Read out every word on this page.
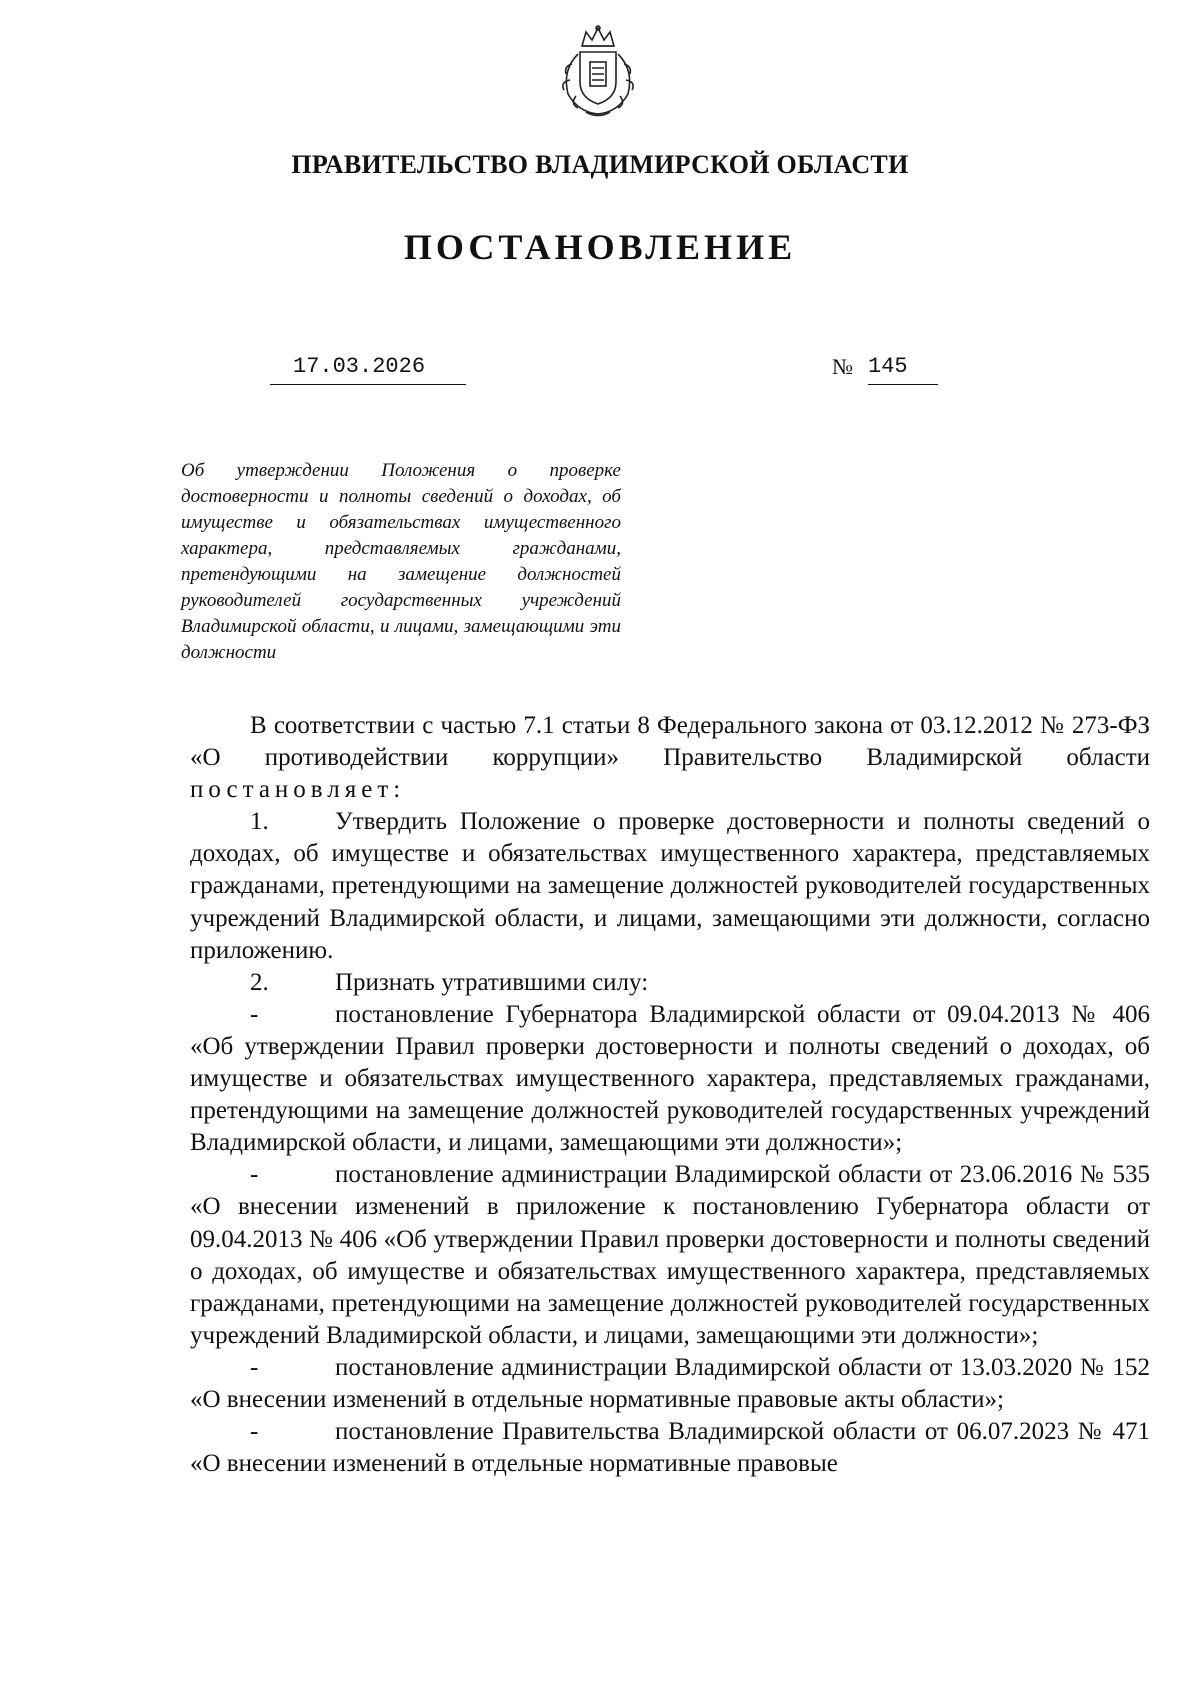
ПРАВИТЕЛЬСТВО ВЛАДИМИРСКОЙ ОБЛАСТИ
ПОСТАНОВЛЕНИЕ
17.03.2026	№ 145
Об утверждении Положения о проверке достоверности и полноты сведений о доходах, об имуществе и обязательствах имущественного характера, представляемых гражданами, претендующими на замещение должностей руководителей государственных учреждений Владимирской области, и лицами, замещающими эти должности

В соответствии с частью 7.1 статьи 8 Федерального закона от 03.12.2012 № 273-ФЗ «О противодействии коррупции» Правительство Владимирской области постановляет:

1.	Утвердить Положение о проверке достоверности и полноты сведений о доходах, об имуществе и обязательствах имущественного характера, представляемых гражданами, претендующими на замещение должностей руководителей государственных учреждений Владимирской области, и лицами, замещающими эти должности, согласно приложению.

2.	Признать утратившими силу:

-	постановление Губернатора Владимирской области от 09.04.2013 № 406 «Об утверждении Правил проверки достоверности и полноты сведений о доходах, об имуществе и обязательствах имущественного характера, представляемых гражданами, претендующими на замещение должностей руководителей государственных учреждений Владимирской области, и лицами, замещающими эти должности»;

-	постановление администрации Владимирской области от 23.06.2016 № 535 «О внесении изменений в приложение к постановлению Губернатора области от 09.04.2013 № 406 «Об утверждении Правил проверки достоверности и полноты сведений о доходах, об имуществе и обязательствах имущественного характера, представляемых гражданами, претендующими на замещение должностей руководителей государственных учреждений Владимирской области, и лицами, замещающими эти должности»;

-	постановление администрации Владимирской области от 13.03.2020 № 152 «О внесении изменений в отдельные нормативные правовые акты области»;

-	постановление Правительства Владимирской области от 06.07.2023 № 471 «О внесении изменений в отдельные нормативные правовые
